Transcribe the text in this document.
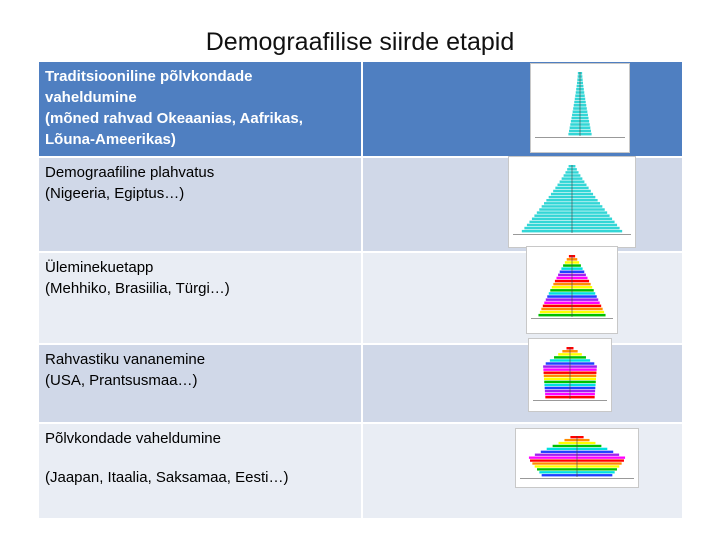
Demograafilise siirde etapid
Traditsiooniline põlvkondade
vaheldumine
(mõned rahvad Okeaanias, Aafrikas,
Lõuna-Ameerikas)	

Demograafiline plahvatus
(Nigeeria, Egiptus…)	

Üleminekuetapp
(Mehhiko, Brasiilia, Türgi…)	

Rahvastiku vananemine
(USA, Prantsusmaa…)	

Põlvkondade vaheldumine
(Jaapan, Itaalia, Saksamaa, Eesti…)	
